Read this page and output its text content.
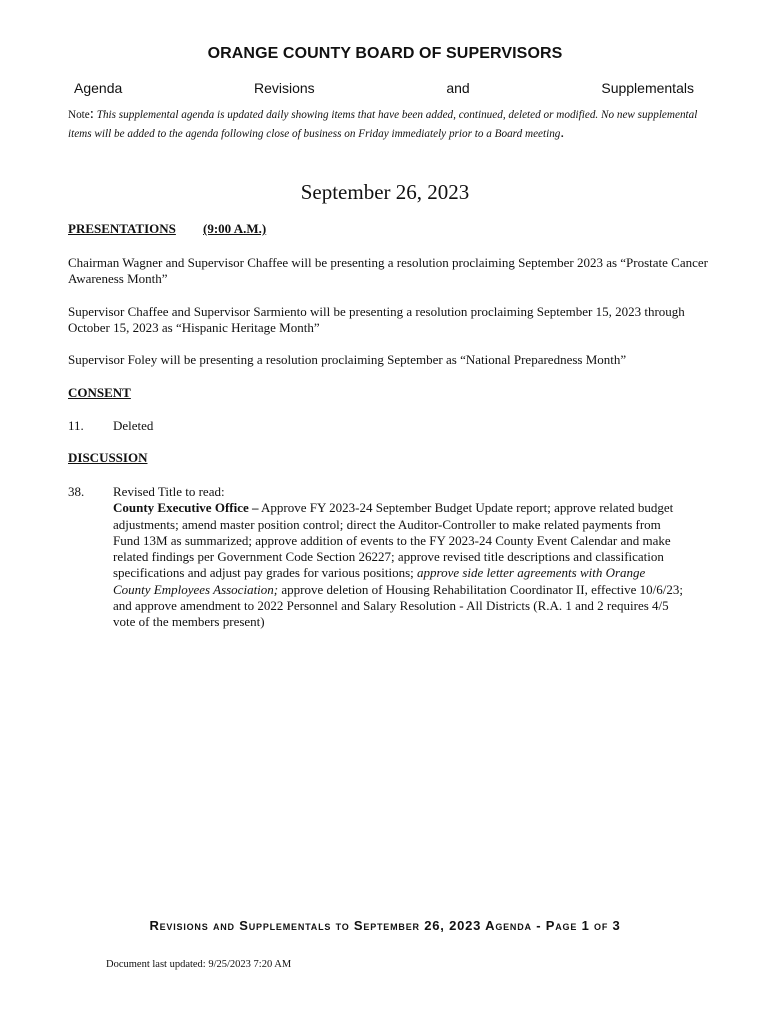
ORANGE COUNTY BOARD OF SUPERVISORS
Agenda	Revisions	and	Supplementals
Note: This supplemental agenda is updated daily showing items that have been added, continued, deleted or modified. No new supplemental items will be added to the agenda following close of business on Friday immediately prior to a Board meeting.
September 26, 2023
PRESENTATIONS (9:00 A.M.)
Chairman Wagner and Supervisor Chaffee will be presenting a resolution proclaiming September 2023 as “Prostate Cancer Awareness Month”
Supervisor Chaffee and Supervisor Sarmiento will be presenting a resolution proclaiming September 15, 2023 through October 15, 2023 as “Hispanic Heritage Month”
Supervisor Foley will be presenting a resolution proclaiming September as “National Preparedness Month”
CONSENT
11. Deleted
DISCUSSION
38. Revised Title to read:
County Executive Office – Approve FY 2023-24 September Budget Update report; approve related budget adjustments; amend master position control; direct the Auditor-Controller to make related payments from Fund 13M as summarized; approve addition of events to the FY 2023-24 County Event Calendar and make related findings per Government Code Section 26227; approve revised title descriptions and classification specifications and adjust pay grades for various positions; approve side letter agreements with Orange County Employees Association; approve deletion of Housing Rehabilitation Coordinator II, effective 10/6/23; and approve amendment to 2022 Personnel and Salary Resolution - All Districts (R.A. 1 and 2 requires 4/5 vote of the members present)
Revisions and Supplementals to September 26, 2023 Agenda - Page 1 of 3
Document last updated: 9/25/2023 7:20 AM
